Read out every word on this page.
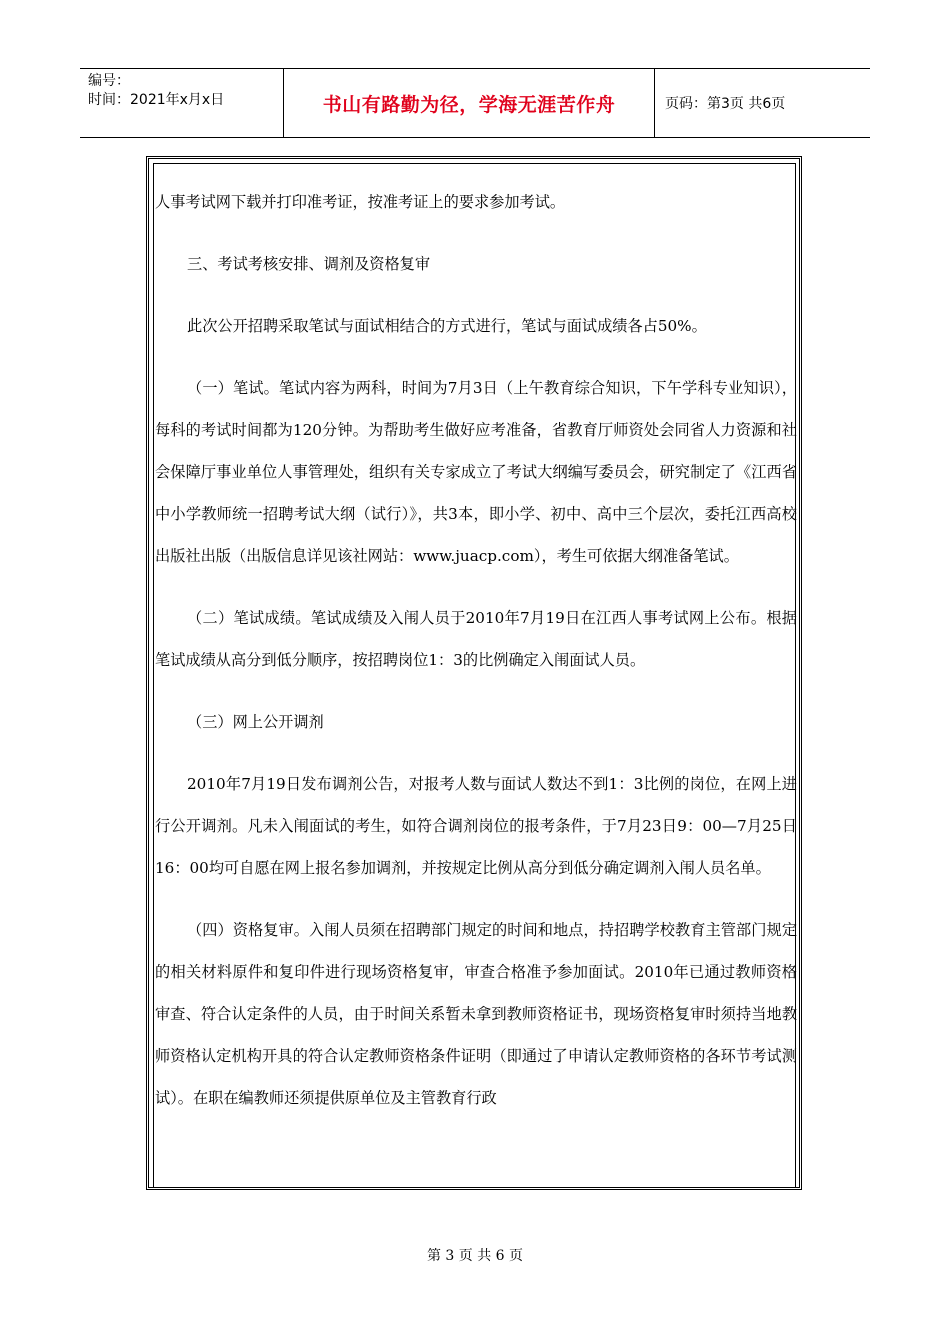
编号：
时间：2021年x月x日	书山有路勤为径，学海无涯苦作舟	页码：第3页 共6页

人事考试网下载并打印准考证，按准考证上的要求参加考试。

三、考试考核安排、调剂及资格复审

此次公开招聘采取笔试与面试相结合的方式进行，笔试与面试成绩各占50%。

（一）笔试。笔试内容为两科，时间为7月3日（上午教育综合知识，下午学科专业知识），每科的考试时间都为120分钟。为帮助考生做好应考准备，省教育厅师资处会同省人力资源和社会保障厅事业单位人事管理处，组织有关专家成立了考试大纲编写委员会，研究制定了《江西省中小学教师统一招聘考试大纲（试行）》，共3本，即小学、初中、高中三个层次，委托江西高校出版社出版（出版信息详见该社网站：www.juacp.com），考生可依据大纲准备笔试。

（二）笔试成绩。笔试成绩及入闱人员于2010年7月19日在江西人事考试网上公布。根据笔试成绩从高分到低分顺序，按招聘岗位1：3的比例确定入闱面试人员。

（三）网上公开调剂

2010年7月19日发布调剂公告，对报考人数与面试人数达不到1：3比例的岗位，在网上进行公开调剂。凡未入闱面试的考生，如符合调剂岗位的报考条件，于7月23日9：00—7月25日16：00均可自愿在网上报名参加调剂，并按规定比例从高分到低分确定调剂入闱人员名单。

（四）资格复审。入闱人员须在招聘部门规定的时间和地点，持招聘学校教育主管部门规定的相关材料原件和复印件进行现场资格复审，审查合格准予参加面试。2010年已通过教师资格审查、符合认定条件的人员，由于时间关系暂未拿到教师资格证书，现场资格复审时须持当地教师资格认定机构开具的符合认定教师资格条件证明（即通过了申请认定教师资格的各环节考试测试）。在职在编教师还须提供原单位及主管教育行政

第 3 页 共 6 页
